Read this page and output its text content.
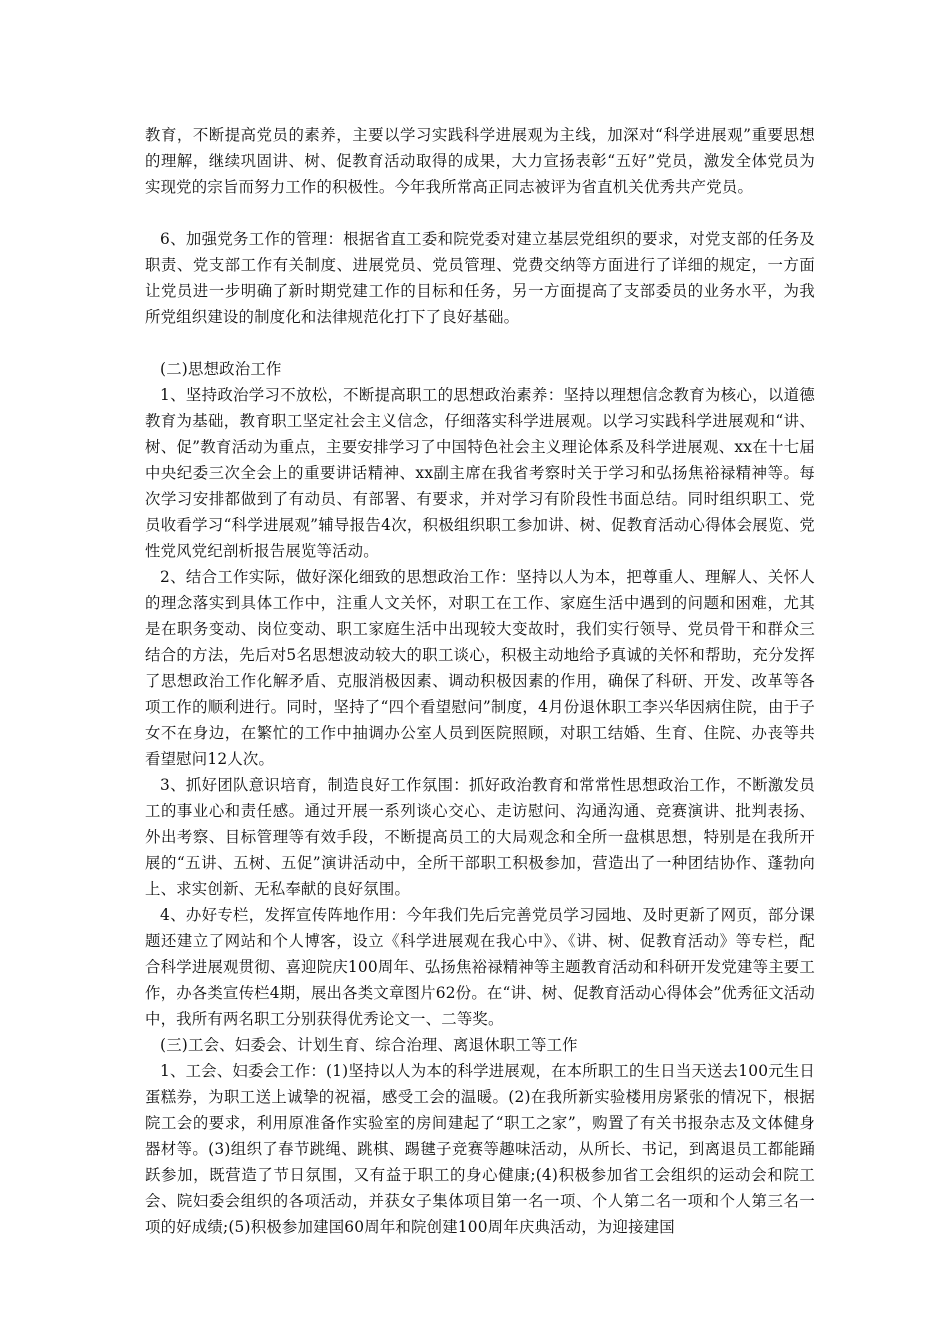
教育，不断提高党员的素养，主要以学习实践科学进展观为主线，加深对“科学进展观”重要思想的理解，继续巩固讲、树、促教育活动取得的成果，大力宣扬表彰“五好”党员，激发全体党员为实现党的宗旨而努力工作的积极性。今年我所常高正同志被评为省直机关优秀共产党员。

6、加强党务工作的管理：根据省直工委和院党委对建立基层党组织的要求，对党支部的任务及职责、党支部工作有关制度、进展党员、党员管理、党费交纳等方面进行了详细的规定，一方面让党员进一步明确了新时期党建工作的目标和任务，另一方面提高了支部委员的业务水平，为我所党组织建设的制度化和法律规范化打下了良好基础。

(二)思想政治工作

1、坚持政治学习不放松，不断提高职工的思想政治素养：坚持以理想信念教育为核心，以道德教育为基础，教育职工坚定社会主义信念，仔细落实科学进展观。以学习实践科学进展观和“讲、树、促”教育活动为重点，主要安排学习了中国特色社会主义理论体系及科学进展观、xx在十七届中央纪委三次全会上的重要讲话精神、xx副主席在我省考察时关于学习和弘扬焦裕禄精神等。每次学习安排都做到了有动员、有部署、有要求，并对学习有阶段性书面总结。同时组织职工、党员收看学习“科学进展观”辅导报告4次，积极组织职工参加讲、树、促教育活动心得体会展览、党性党风党纪剖析报告展览等活动。

2、结合工作实际，做好深化细致的思想政治工作：坚持以人为本，把尊重人、理解人、关怀人的理念落实到具体工作中，注重人文关怀，对职工在工作、家庭生活中遇到的问题和困难，尤其是在职务变动、岗位变动、职工家庭生活中出现较大变故时，我们实行领导、党员骨干和群众三结合的方法，先后对5名思想波动较大的职工谈心，积极主动地给予真诚的关怀和帮助，充分发挥了思想政治工作化解矛盾、克服消极因素、调动积极因素的作用，确保了科研、开发、改革等各项工作的顺利进行。同时，坚持了“四个看望慰问”制度，4月份退休职工李兴华因病住院，由于子女不在身边，在繁忙的工作中抽调办公室人员到医院照顾，对职工结婚、生育、住院、办丧等共看望慰问12人次。

3、抓好团队意识培育，制造良好工作氛围：抓好政治教育和常常性思想政治工作，不断激发员工的事业心和责任感。通过开展一系列谈心交心、走访慰问、沟通沟通、竞赛演讲、批判表扬、外出考察、目标管理等有效手段，不断提高员工的大局观念和全所一盘棋思想，特别是在我所开展的“五讲、五树、五促”演讲活动中，全所干部职工积极参加，营造出了一种团结协作、蓬勃向上、求实创新、无私奉献的良好氛围。

4、办好专栏，发挥宣传阵地作用：今年我们先后完善党员学习园地、及时更新了网页，部分课题还建立了网站和个人博客，设立《科学进展观在我心中》、《讲、树、促教育活动》等专栏，配合科学进展观贯彻、喜迎院庆100周年、弘扬焦裕禄精神等主题教育活动和科研开发党建等主要工作，办各类宣传栏4期，展出各类文章图片62份。在“讲、树、促教育活动心得体会”优秀征文活动中，我所有两名职工分别获得优秀论文一、二等奖。

(三)工会、妇委会、计划生育、综合治理、离退休职工等工作

1、工会、妇委会工作：(1)坚持以人为本的科学进展观，在本所职工的生日当天送去100元生日蛋糕券，为职工送上诚挚的祝福，感受工会的温暖。(2)在我所新实验楼用房紧张的情况下，根据院工会的要求，利用原准备作实验室的房间建起了“职工之家”，购置了有关书报杂志及文体健身器材等。(3)组织了春节跳绳、跳棋、踢毽子竞赛等趣味活动，从所长、书记，到离退员工都能踊跃参加，既营造了节日氛围，又有益于职工的身心健康;(4)积极参加省工会组织的运动会和院工会、院妇委会组织的各项活动，并获女子集体项目第一名一项、个人第二名一项和个人第三名一项的好成绩;(5)积极参加建国60周年和院创建100周年庆典活动，为迎接建国
